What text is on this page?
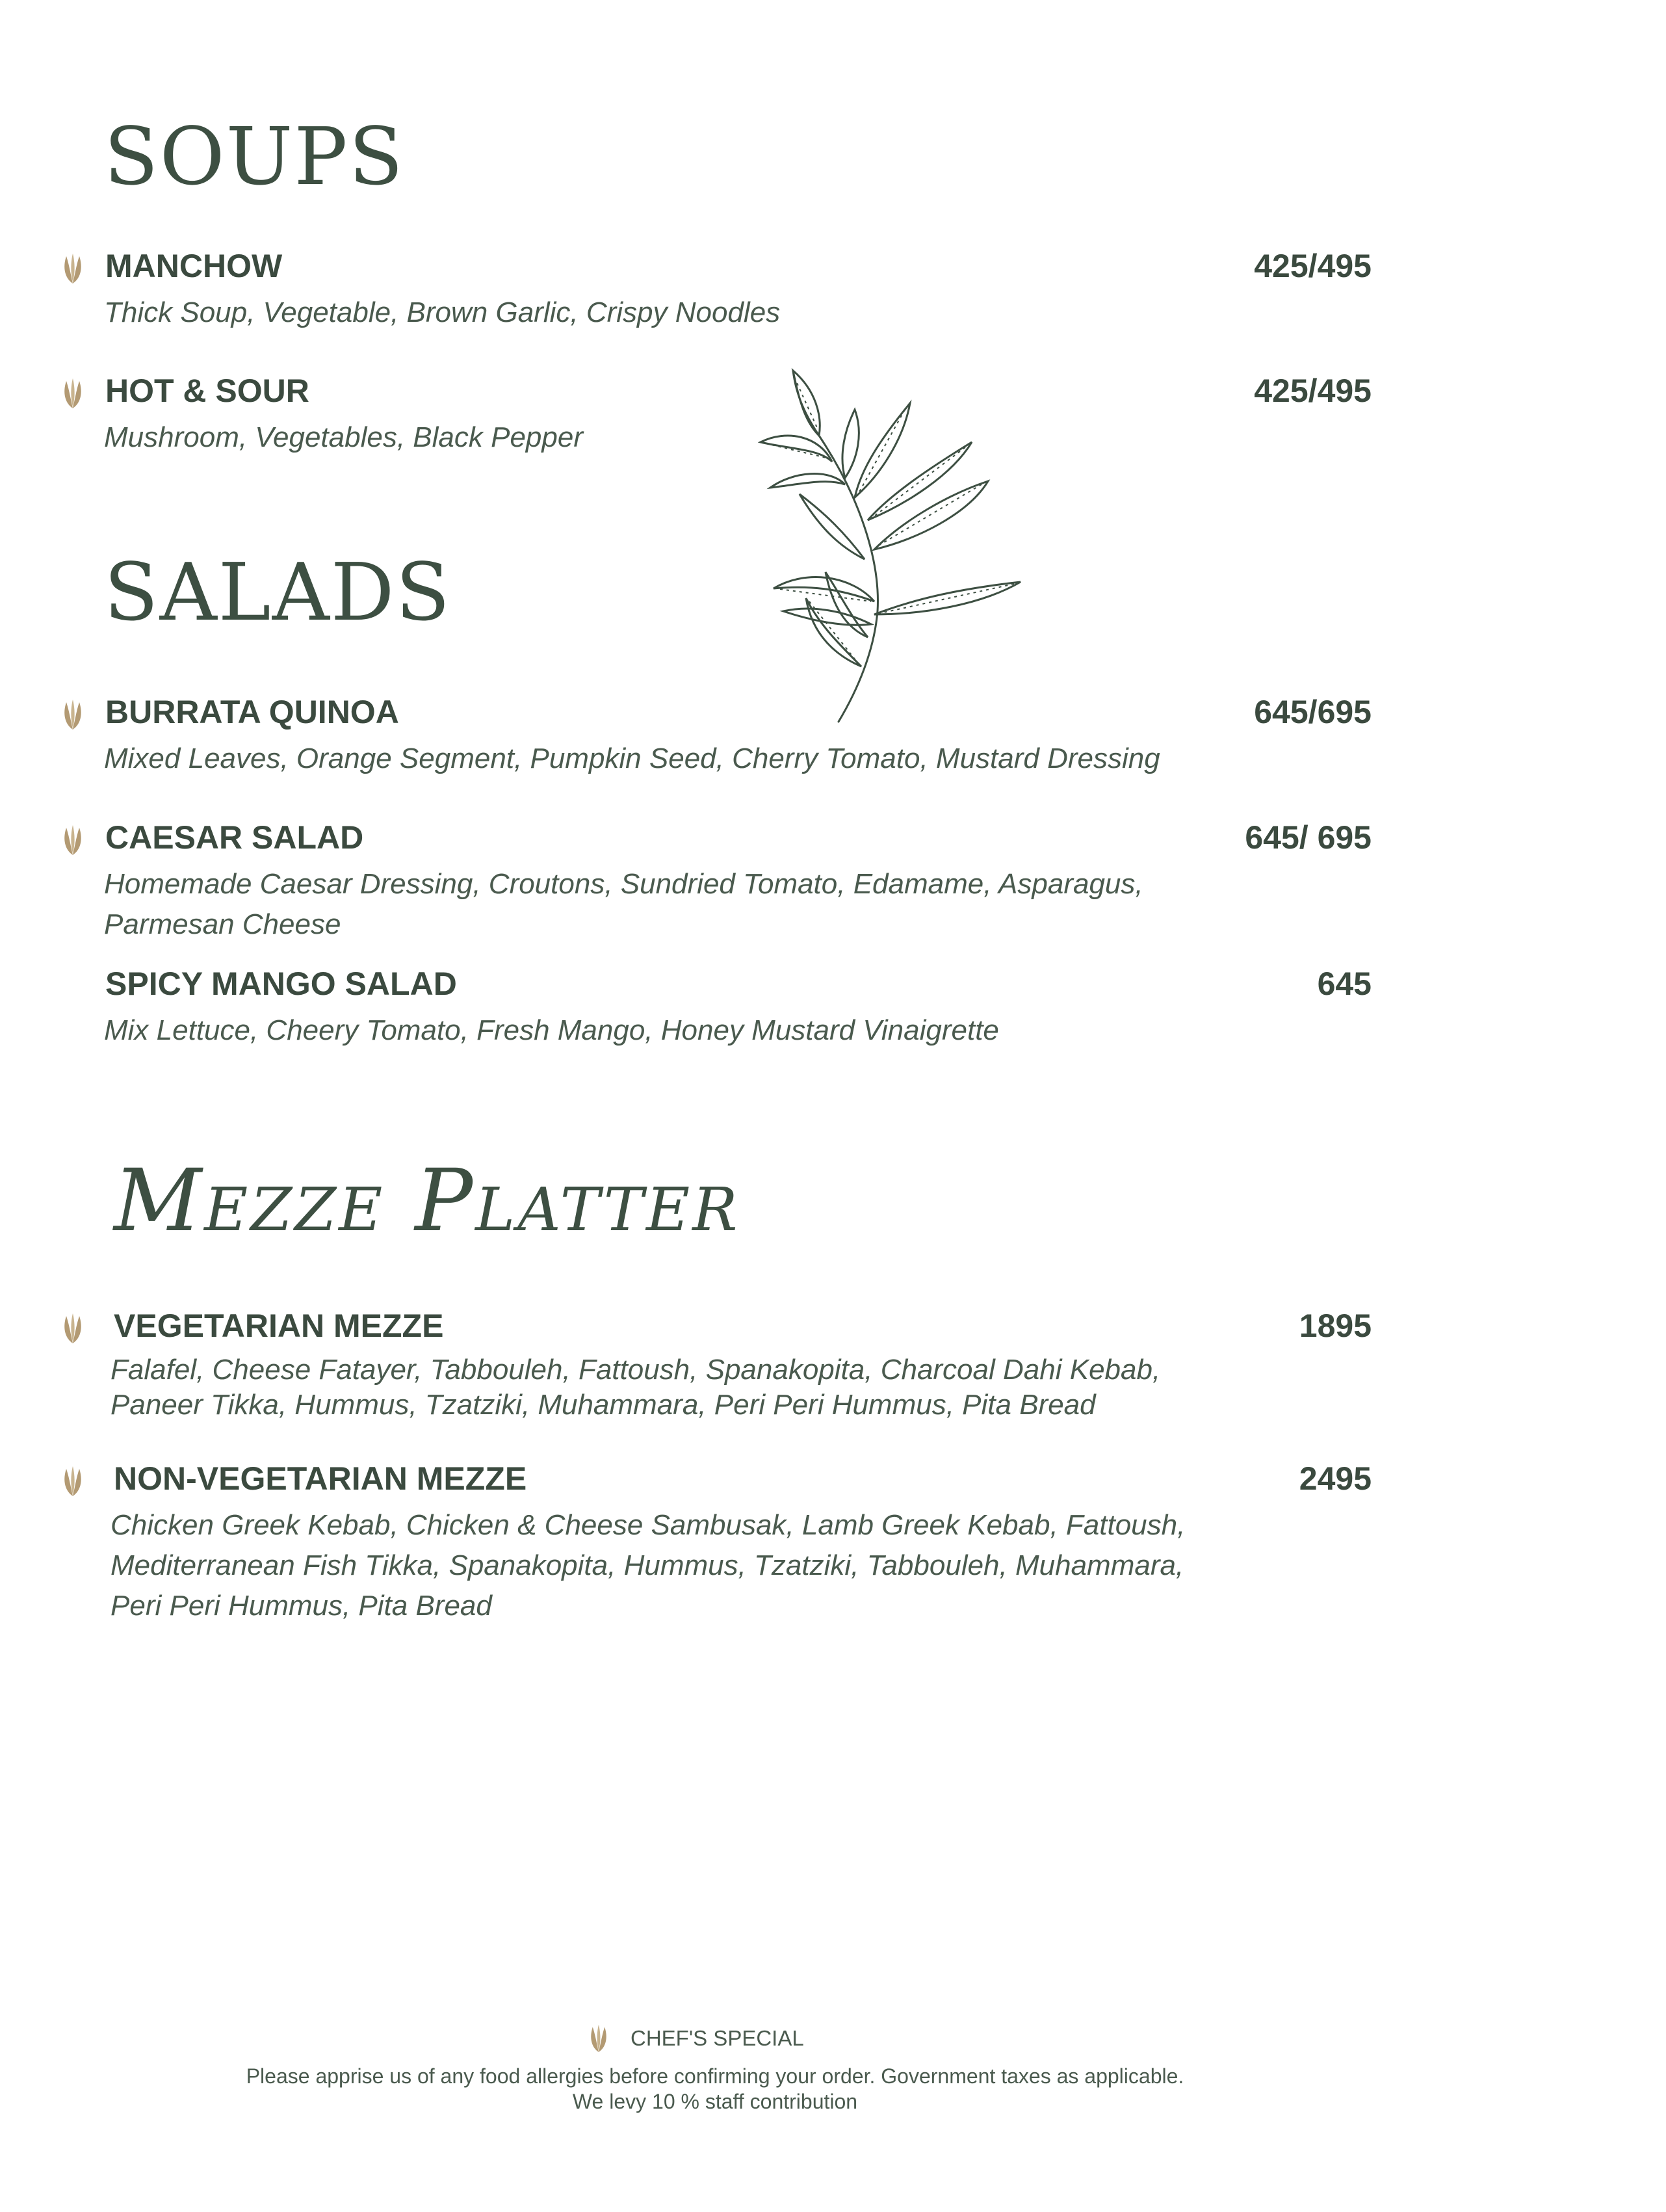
SOUPS
MANCHOW	425/495
Thick Soup, Vegetable, Brown Garlic, Crispy Noodles
HOT & SOUR	425/495
Mushroom, Vegetables, Black Pepper
SALADS
BURRATA QUINOA	645/695
Mixed Leaves, Orange Segment, Pumpkin Seed, Cherry Tomato, Mustard Dressing
CAESAR SALAD	645/ 695
Homemade Caesar Dressing, Croutons, Sundried Tomato, Edamame, Asparagus, Parmesan Cheese
SPICY MANGO SALAD	645
Mix Lettuce, Cheery Tomato, Fresh Mango, Honey Mustard Vinaigrette
Mezze Platter
VEGETARIAN MEZZE	1895
Falafel, Cheese Fatayer, Tabbouleh, Fattoush, Spanakopita, Charcoal Dahi Kebab, Paneer Tikka, Hummus, Tzatziki, Muhammara, Peri Peri Hummus, Pita Bread
NON-VEGETARIAN MEZZE	2495
Chicken Greek Kebab, Chicken & Cheese Sambusak, Lamb Greek Kebab, Fattoush, Mediterranean Fish Tikka, Spanakopita, Hummus, Tzatziki, Tabbouleh, Muhammara, Peri Peri Hummus, Pita Bread
CHEF'S SPECIAL
Please apprise us of any food allergies before confirming your order. Government taxes as applicable.
We levy 10 % staff contribution
